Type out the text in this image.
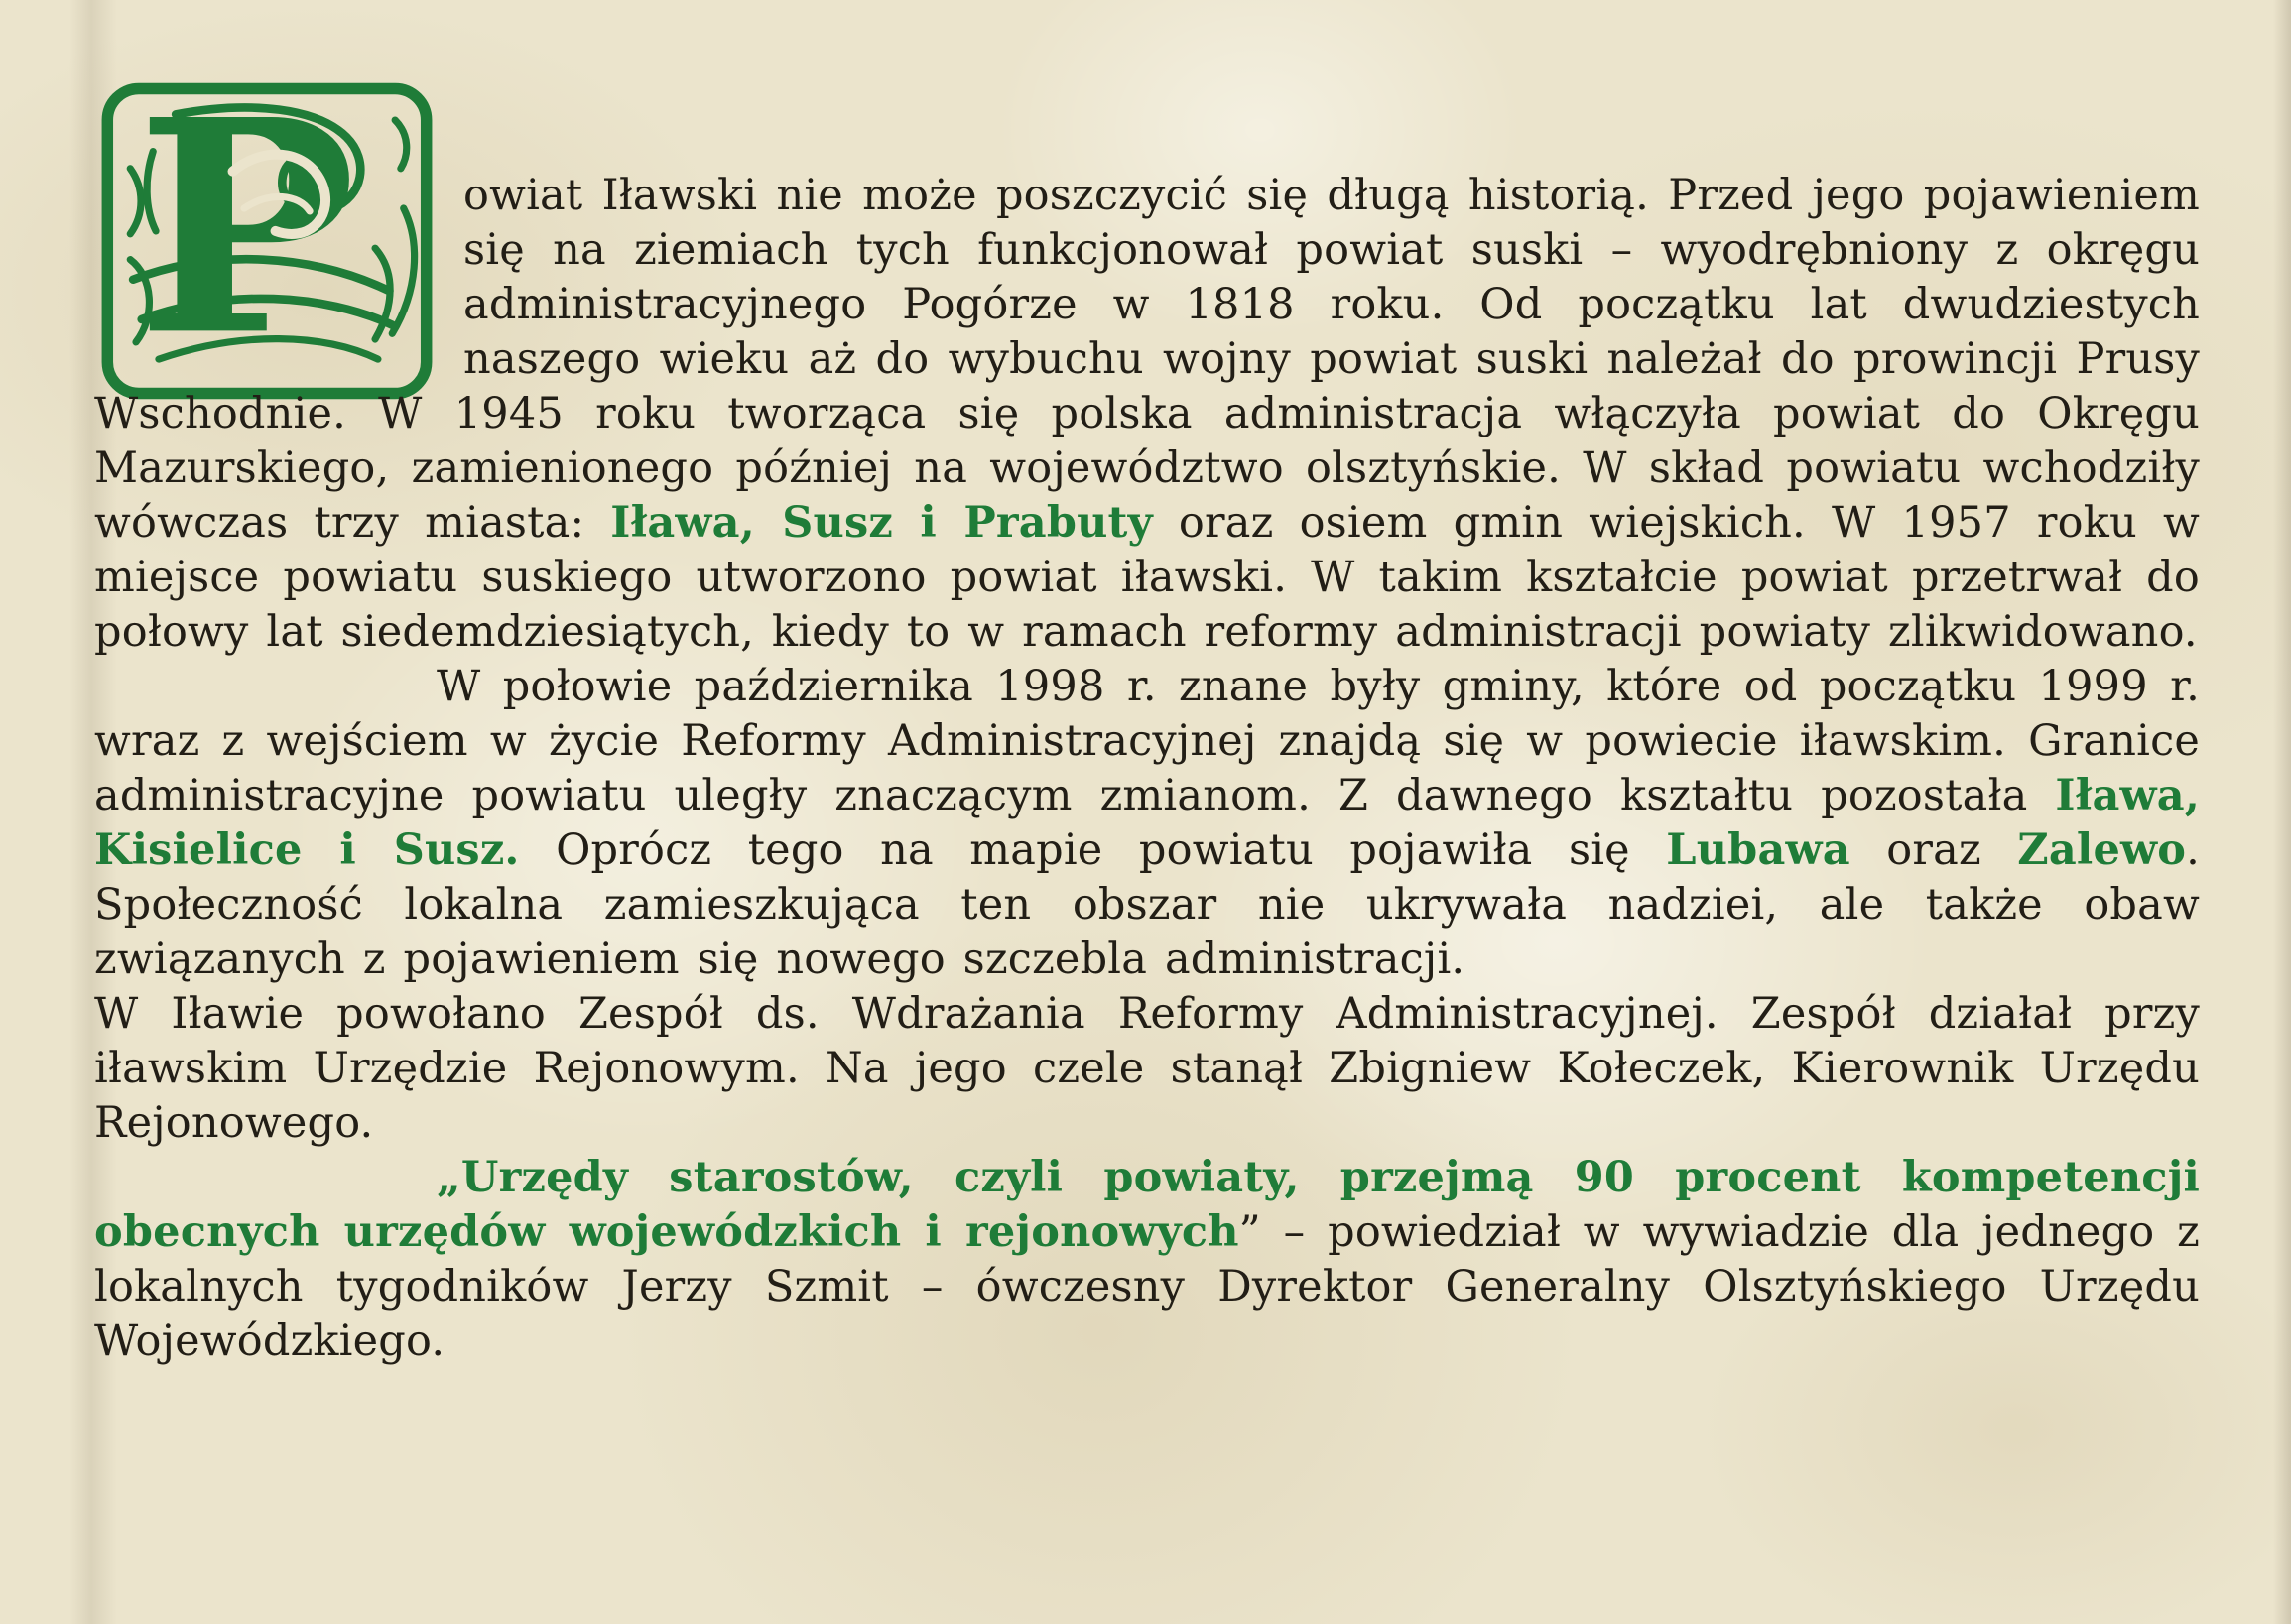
P owiat Iławski nie może poszczycić się długą historią. Przed jego pojawieniem się na ziemiach tych funkcjonował powiat suski – wyodrębniony z okręgu administracyjnego Pogórze w 1818 roku. Od początku lat dwudziestych naszego wieku aż do wybuchu wojny powiat suski należał do prowincji Prusy Wschodnie. W 1945 roku tworząca się polska administracja włączyła powiat do Okręgu Mazurskiego, zamienionego później na województwo olsztyńskie. W skład powiatu wchodziły wówczas trzy miasta: Iława, Susz i Prabuty oraz osiem gmin wiejskich. W 1957 roku w miejsce powiatu suskiego utworzono powiat iławski. W takim kształcie powiat przetrwał do połowy lat siedemdziesiątych, kiedy to w ramach reformy administracji powiaty zlikwidowano.

W połowie października 1998 r. znane były gminy, które od początku 1999 r. wraz z wejściem w życie Reformy Administracyjnej znajdą się w powiecie iławskim. Granice administracyjne powiatu uległy znaczącym zmianom. Z dawnego kształtu pozostała Iława, Kisielice i Susz. Oprócz tego na mapie powiatu pojawiła się Lubawa oraz Zalewo. Społeczność lokalna zamieszkująca ten obszar nie ukrywała nadziei, ale także obaw związanych z pojawieniem się nowego szczebla administracji.

W Iławie powołano Zespół ds. Wdrażania Reformy Administracyjnej. Zespół działał przy iławskim Urzędzie Rejonowym. Na jego czele stanął Zbigniew Kołeczek, Kierownik Urzędu Rejonowego.

„Urzędy starostów, czyli powiaty, przejmą 90 procent kompetencji obecnych urzędów wojewódzkich i rejonowych” – powiedział w wywiadzie dla jednego z lokalnych tygodników Jerzy Szmit – ówczesny Dyrektor Generalny Olsztyńskiego Urzędu Wojewódzkiego.
